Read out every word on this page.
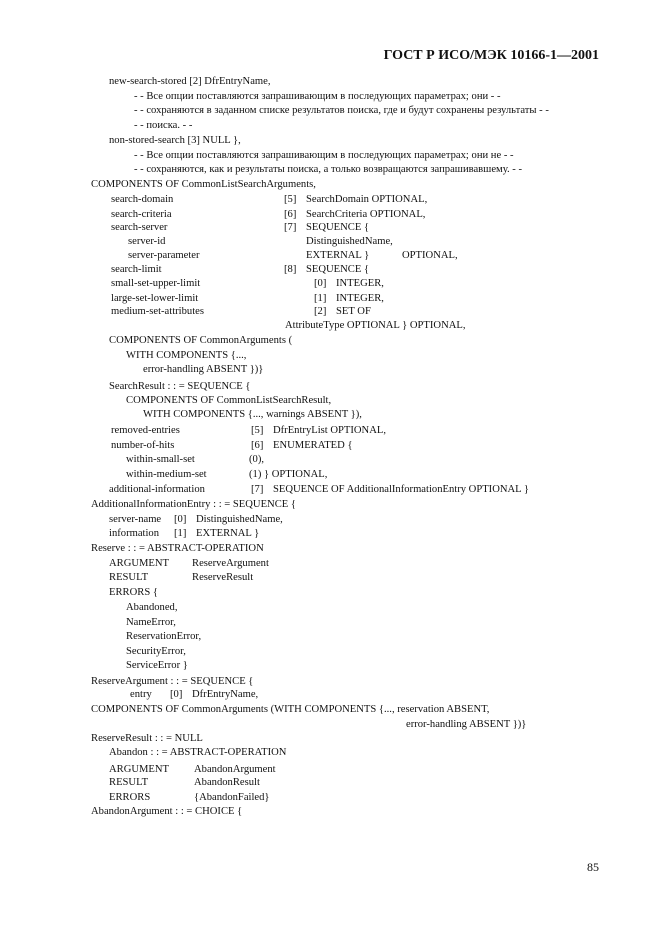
ГОСТ Р ИСО/МЭК 10166-1—2001
new-search-stored [2] DfrEntryName,
- - Все опции поставляются запрашивающим в последующих параметрах; они - -
- - сохраняются в заданном списке результатов поиска, где и будут сохранены результаты - -
- - поиска. - -
non-stored-search [3] NULL },
- - Все опции поставляются запрашивающим в последующих параметрах; они не - -
- - сохраняются, как и результаты поиска, а только возвращаются запрашивавшему. - -
COMPONENTS OF CommonListSearchArguments,
search-domain	[5] SearchDomain OPTIONAL,
search-criteria	[6] SearchCriteria OPTIONAL,
search-server	[7] SEQUENCE {
server-id	DistinguishedName,
server-parameter	EXTERNAL }	OPTIONAL,
search-limit	[8] SEQUENCE {
small-set-upper-limit	[0] INTEGER,
large-set-lower-limit	[1] INTEGER,
medium-set-attributes	[2] SET OF
AttributeType OPTIONAL } OPTIONAL,
COMPONENTS OF CommonArguments (
WITH COMPONENTS {...,
error-handling ABSENT })}
SearchResult : : = SEQUENCE {
COMPONENTS OF CommonListSearchResult,
WITH COMPONENTS {..., warnings ABSENT }),
removed-entries	[5] DfrEntryList OPTIONAL,
number-of-hits	[6] ENUMERATED {
within-small-set	(0),
within-medium-set	(1) } OPTIONAL,
additional-information	[7] SEQUENCE OF AdditionalInformationEntry OPTIONAL }
AdditionalInformationEntry : : = SEQUENCE {
server-name [0] DistinguishedName,
information [1] EXTERNAL }
Reserve : : = ABSTRACT-OPERATION
ARGUMENT ReserveArgument
RESULT	ReserveResult
ERRORS {
Abandoned,
NameError,
ReservationError,
SecurityError,
ServiceError }
ReserveArgument : : = SEQUENCE {
entry [0] DfrEntryName,
COMPONENTS OF CommonArguments (WITH COMPONENTS {..., reservation ABSENT,
error-handling ABSENT })}
ReserveResult : : = NULL
Abandon : : = ABSTRACT-OPERATION
ARGUMENT AbandonArgument
RESULT	AbandonResult
ERRORS	{AbandonFailed}
AbandonArgument : : = CHOICE {
85
